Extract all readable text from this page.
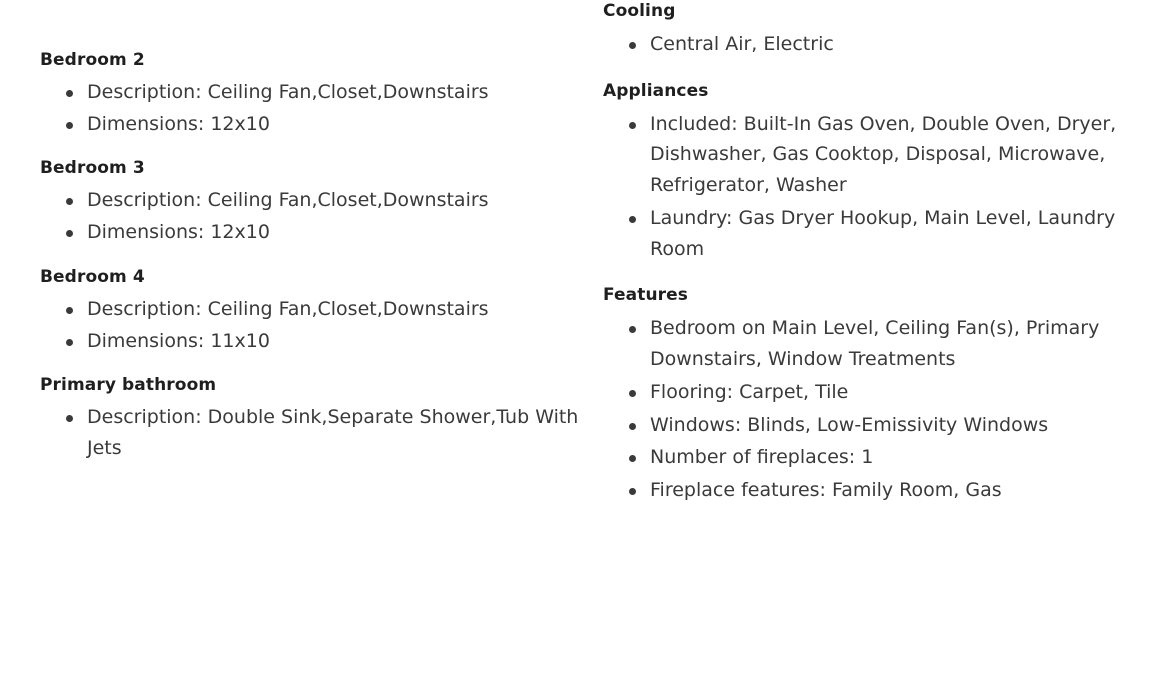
Bedroom 2
Description: Ceiling Fan,Closet,Downstairs
Dimensions: 12x10
Bedroom 3
Description: Ceiling Fan,Closet,Downstairs
Dimensions: 12x10
Bedroom 4
Description: Ceiling Fan,Closet,Downstairs
Dimensions: 11x10
Primary bathroom
Description: Double Sink,Separate Shower,Tub With Jets
Cooling
Central Air, Electric
Appliances
Included: Built-In Gas Oven, Double Oven, Dryer, Dishwasher, Gas Cooktop, Disposal, Microwave, Refrigerator, Washer
Laundry: Gas Dryer Hookup, Main Level, Laundry Room
Features
Bedroom on Main Level, Ceiling Fan(s), Primary Downstairs, Window Treatments
Flooring: Carpet, Tile
Windows: Blinds, Low-Emissivity Windows
Number of fireplaces: 1
Fireplace features: Family Room, Gas
